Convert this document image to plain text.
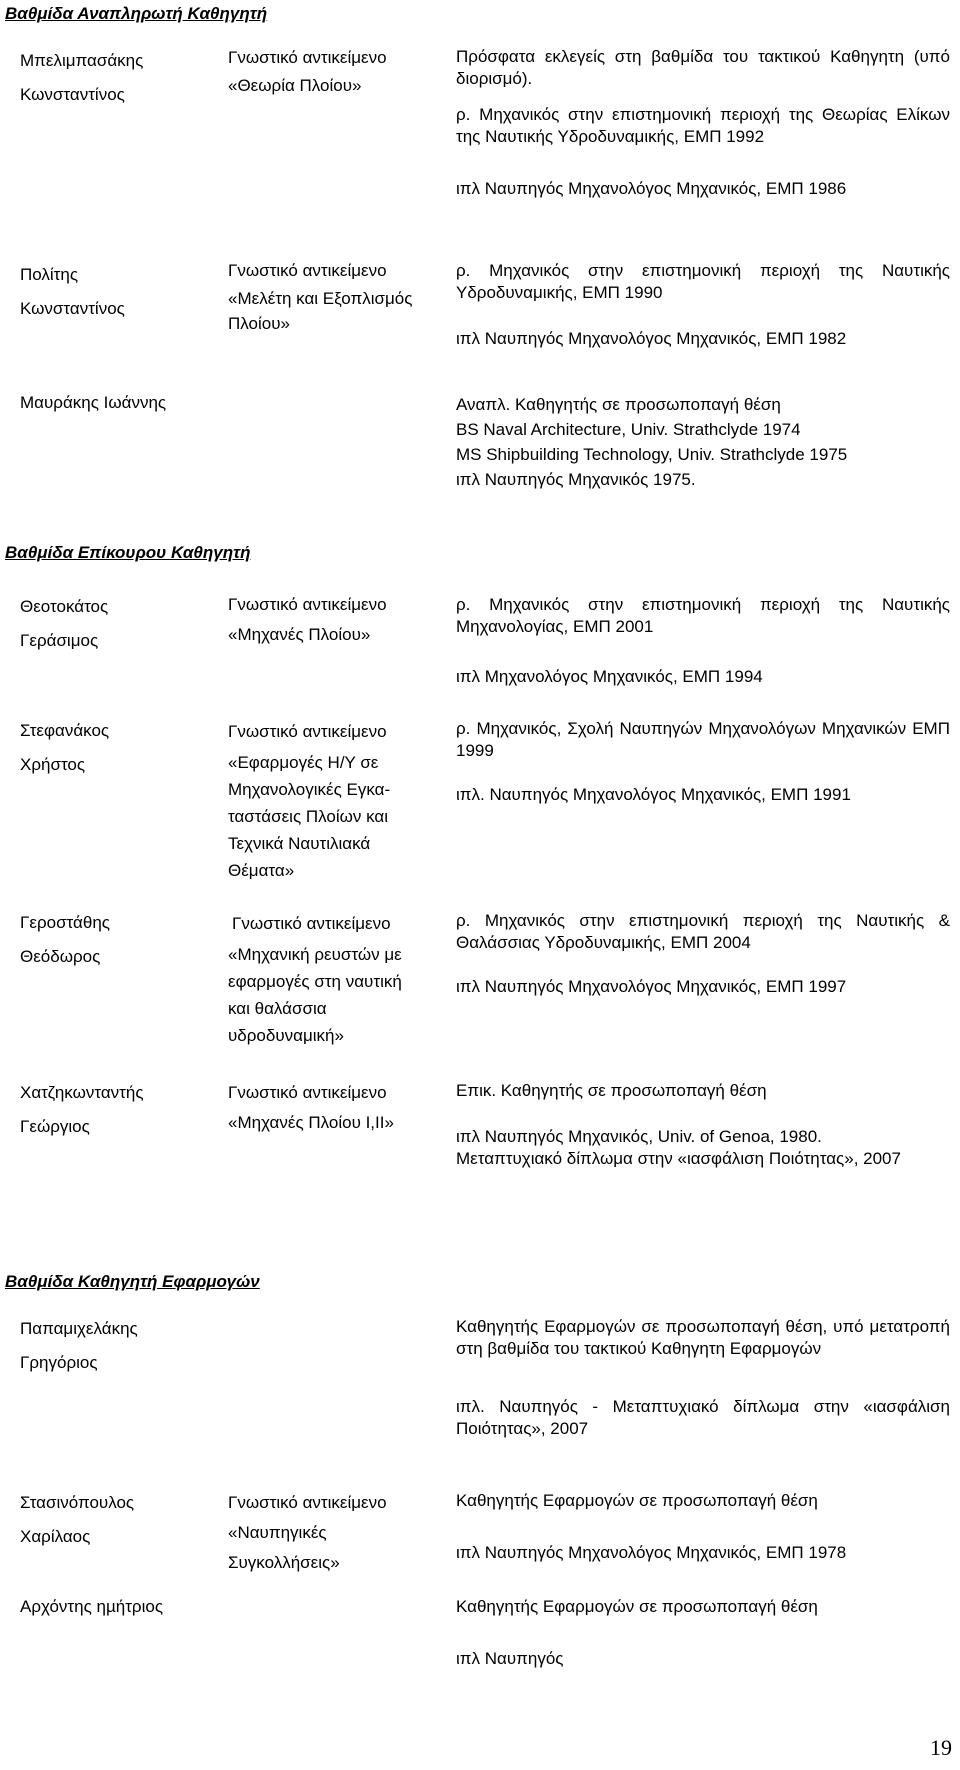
Βαθμίδα Αναπληρωτή Καθηγητή
Μπελιμπασάκης
Κωνσταντίνος
Γνωστικό αντικείμενο
«Θεωρία Πλοίου»

Πρόσφατα εκλεγείς στη βαθμίδα του τακτικού Καθηγητη (υπό διορισμό).

ρ. Μηχανικός στην επιστημονική περιοχή της Θεωρίας Ελίκων της Ναυτικής Υδροδυναμικής, ΕΜΠ 1992

ιπλ Ναυπηγός Μηχανολόγος Μηχανικός, ΕΜΠ 1986

Πολίτης
Κωνσταντίνος
Γνωστικό αντικείμενο
«Μελέτη και Εξοπλισμός
Πλοίου»

ρ. Μηχανικός στην επιστημονική περιοχή της Ναυτικής Υδροδυναμικής, ΕΜΠ 1990

ιπλ Ναυπηγός Μηχανολόγος Μηχανικός, ΕΜΠ 1982

Μαυράκης Ιωάννης	Αναπλ. Καθηγητής σε προσωποπαγή θέση

BS Naval Architecture, Univ. Strathclyde 1974

MS Shipbuilding Technology, Univ. Strathclyde 1975

ιπλ Ναυπηγός Μηχανικός 1975.

Βαθμίδα Επίκουρου Καθηγητή
Θεοτοκάτος
Γεράσιμος
Γνωστικό αντικείμενο
«Μηχανές Πλοίου»

ρ. Μηχανικός στην επιστημονική περιοχή της Ναυτικής Μηχανολογίας, ΕΜΠ 2001

ιπλ Μηχανολόγος Μηχανικός, ΕΜΠ 1994

Στεφανάκος
Χρήστος
Γνωστικό αντικείμενο
«Εφαρμογές Η/Υ σε
Μηχανολογικές Εγκα-
ταστάσεις Πλοίων και
Τεχνικά Ναυτιλιακά
Θέματα»

ρ. Μηχανικός, Σχολή Ναυπηγών Μηχανολόγων Μηχανικών ΕΜΠ 1999

ιπλ. Ναυπηγός Μηχανολόγος Μηχανικός, ΕΜΠ 1991

Γεροστάθης
Θεόδωρος
Γνωστικό αντικείμενο
«Μηχανική ρευστών με
εφαρμογές στη ναυτική
και θαλάσσια
υδροδυναμική»

ρ. Μηχανικός στην επιστημονική περιοχή της Ναυτικής & Θαλάσσιας Υδροδυναμικής, ΕΜΠ 2004

ιπλ Ναυπηγός Μηχανολόγος Μηχανικός, ΕΜΠ 1997

Χατζηκωνταντής
Γεώργιος
Γνωστικό αντικείμενο
«Μηχανές Πλοίου Ι,ΙΙ»

Επικ. Καθηγητής σε προσωποπαγή θέση

ιπλ Ναυπηγός Μηχανικός, Univ. of Genoa, 1980.

Μεταπτυχιακό δίπλωμα στην «ιασφάλιση Ποιότητας», 2007

Βαθμίδα Καθηγητή Εφαρμογών
Παπαμιχελάκης
Γρηγόριος

Καθηγητής Εφαρμογών σε προσωποπαγή θέση, υπό μετατροπή στη βαθμίδα του τακτικού Καθηγητη Εφαρμογών

ιπλ. Ναυπηγός - Μεταπτυχιακό δίπλωμα στην «ιασφάλιση Ποιότητας», 2007

Στασινόπουλος
Χαρίλαος
Γνωστικό αντικείμενο
«Ναυπηγικές
Συγκολλήσεις»

Καθηγητής Εφαρμογών σε προσωποπαγή θέση

ιπλ Ναυπηγός Μηχανολόγος Μηχανικός, ΕΜΠ 1978

Αρχόντης ηµήτριος	Καθηγητής Εφαρμογών σε προσωποπαγή θέση

ιπλ Ναυπηγός

19
